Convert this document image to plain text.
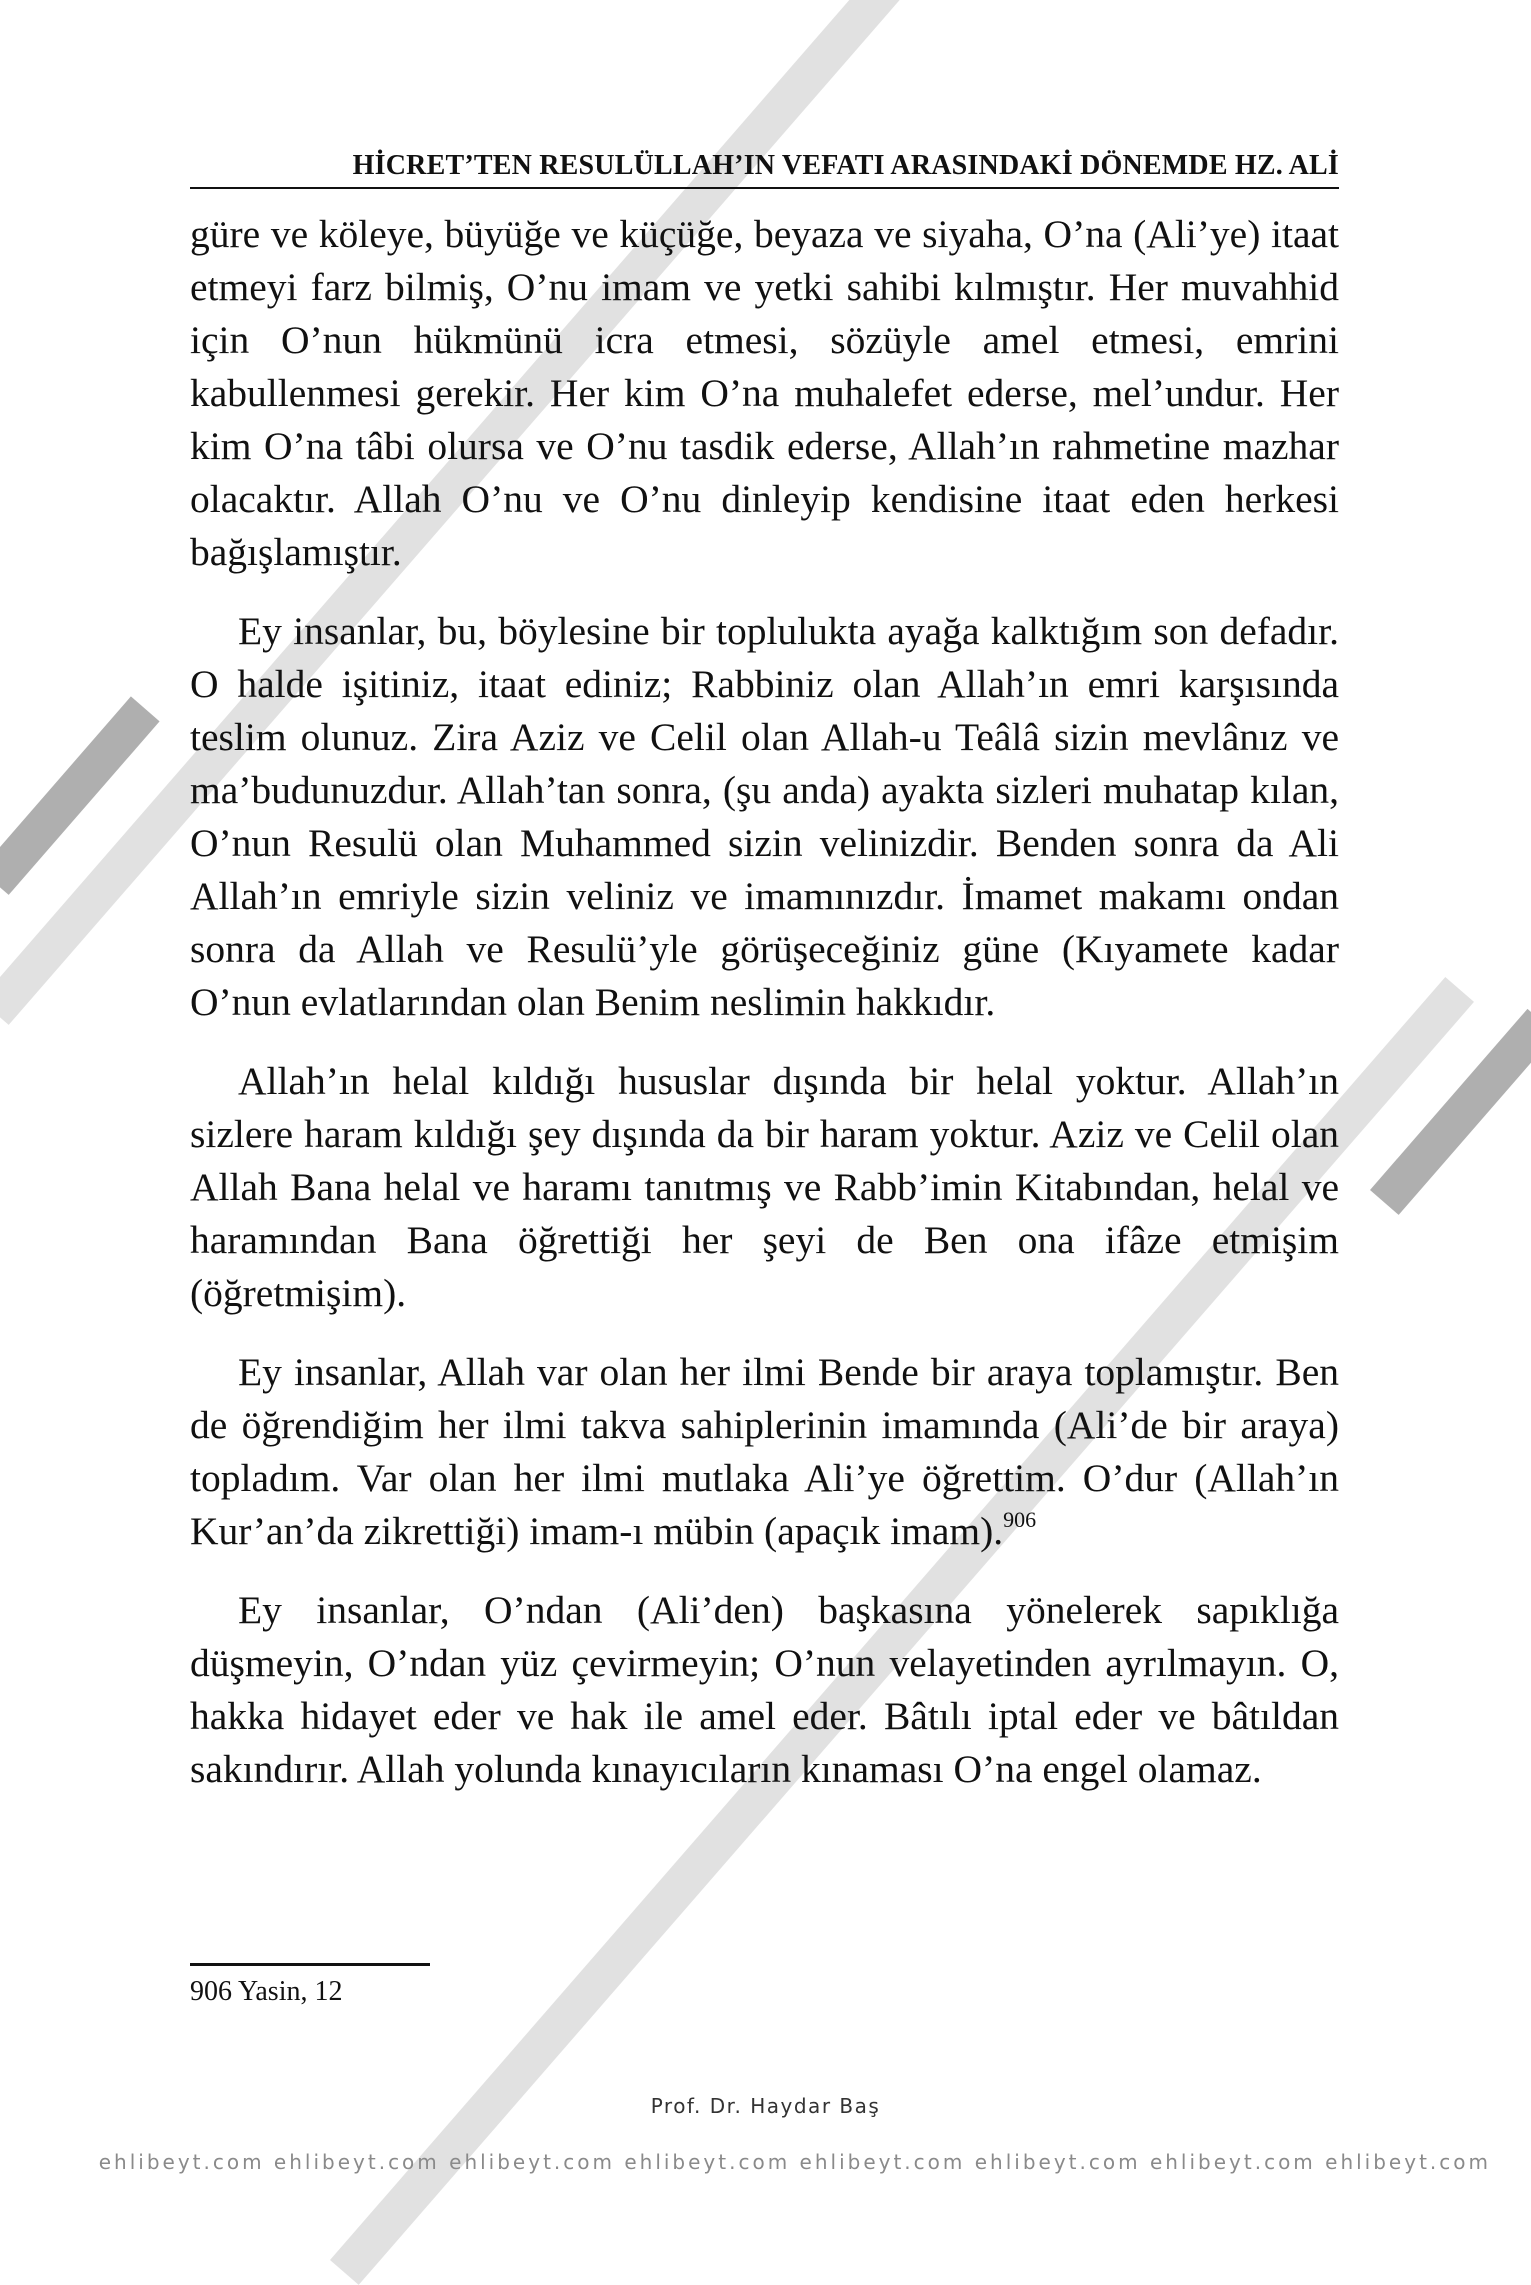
HİCRET’TEN RESULÜLLAH’IN VEFATI ARASINDAKİ DÖNEMDE HZ. ALİ

güre ve köleye, büyüğe ve küçüğe, beyaza ve siyaha, O’na (Ali’ye) itaat etmeyi farz bilmiş, O’nu imam ve yetki sahibi kılmıştır. Her muvahhid için O’nun hükmünü icra etmesi, sözüyle amel etmesi, emrini kabullenmesi gerekir. Her kim O’na muhalefet ederse, mel’undur. Her kim O’na tâbi olursa ve O’nu tasdik ederse, Allah’ın rahmetine mazhar olacaktır. Allah O’nu ve O’nu dinleyip kendisine itaat eden herkesi bağışlamıştır.

Ey insanlar, bu, böylesine bir toplulukta ayağa kalktığım son defadır. O halde işitiniz, itaat ediniz; Rabbiniz olan Allah’ın emri karşısında teslim olunuz. Zira Aziz ve Celil olan Allah-u Teâlâ sizin mevlânız ve ma’budunuzdur. Allah’tan sonra, (şu anda) ayakta sizleri muhatap kılan, O’nun Resulü olan Muhammed sizin velinizdir. Benden sonra da Ali Allah’ın emriyle sizin veliniz ve imamınızdır. İmamet makamı ondan sonra da Allah ve Resulü’yle görüşeceğiniz güne (Kıyamete kadar O’nun evlatlarından olan Benim neslimin hakkıdır.

Allah’ın helal kıldığı hususlar dışında bir helal yoktur. Allah’ın sizlere haram kıldığı şey dışında da bir haram yoktur. Aziz ve Celil olan Allah Bana helal ve haramı tanıtmış ve Rabb’imin Kitabından, helal ve haramından Bana öğrettiği her şeyi de Ben ona ifâze etmişim (öğretmişim).

Ey insanlar, Allah var olan her ilmi Bende bir araya toplamıştır. Ben de öğrendiğim her ilmi takva sahiplerinin imamında (Ali’de bir araya) topladım. Var olan her ilmi mutlaka Ali’ye öğrettim. O’dur (Allah’ın Kur’an’da zikrettiği) imam-ı mübin (apaçık imam).$^{906}$

Ey insanlar, O’ndan (Ali’den) başkasına yönelerek sapıklığa düşmeyin, O’ndan yüz çevirmeyin; O’nun velayetinden ayrılmayın. O, hakka hidayet eder ve hak ile amel eder. Bâtılı iptal eder ve bâtıldan sakındırır. Allah yolunda kınayıcıların kınaması O’na engel olamaz.

906 Yasin, 12
Prof. Dr. Haydar Baş
ehlibeyt.com ehlibeyt.com ehlibeyt.com ehlibeyt.com ehlibeyt.com ehlibeyt.com ehlibeyt.com ehlibeyt.com
